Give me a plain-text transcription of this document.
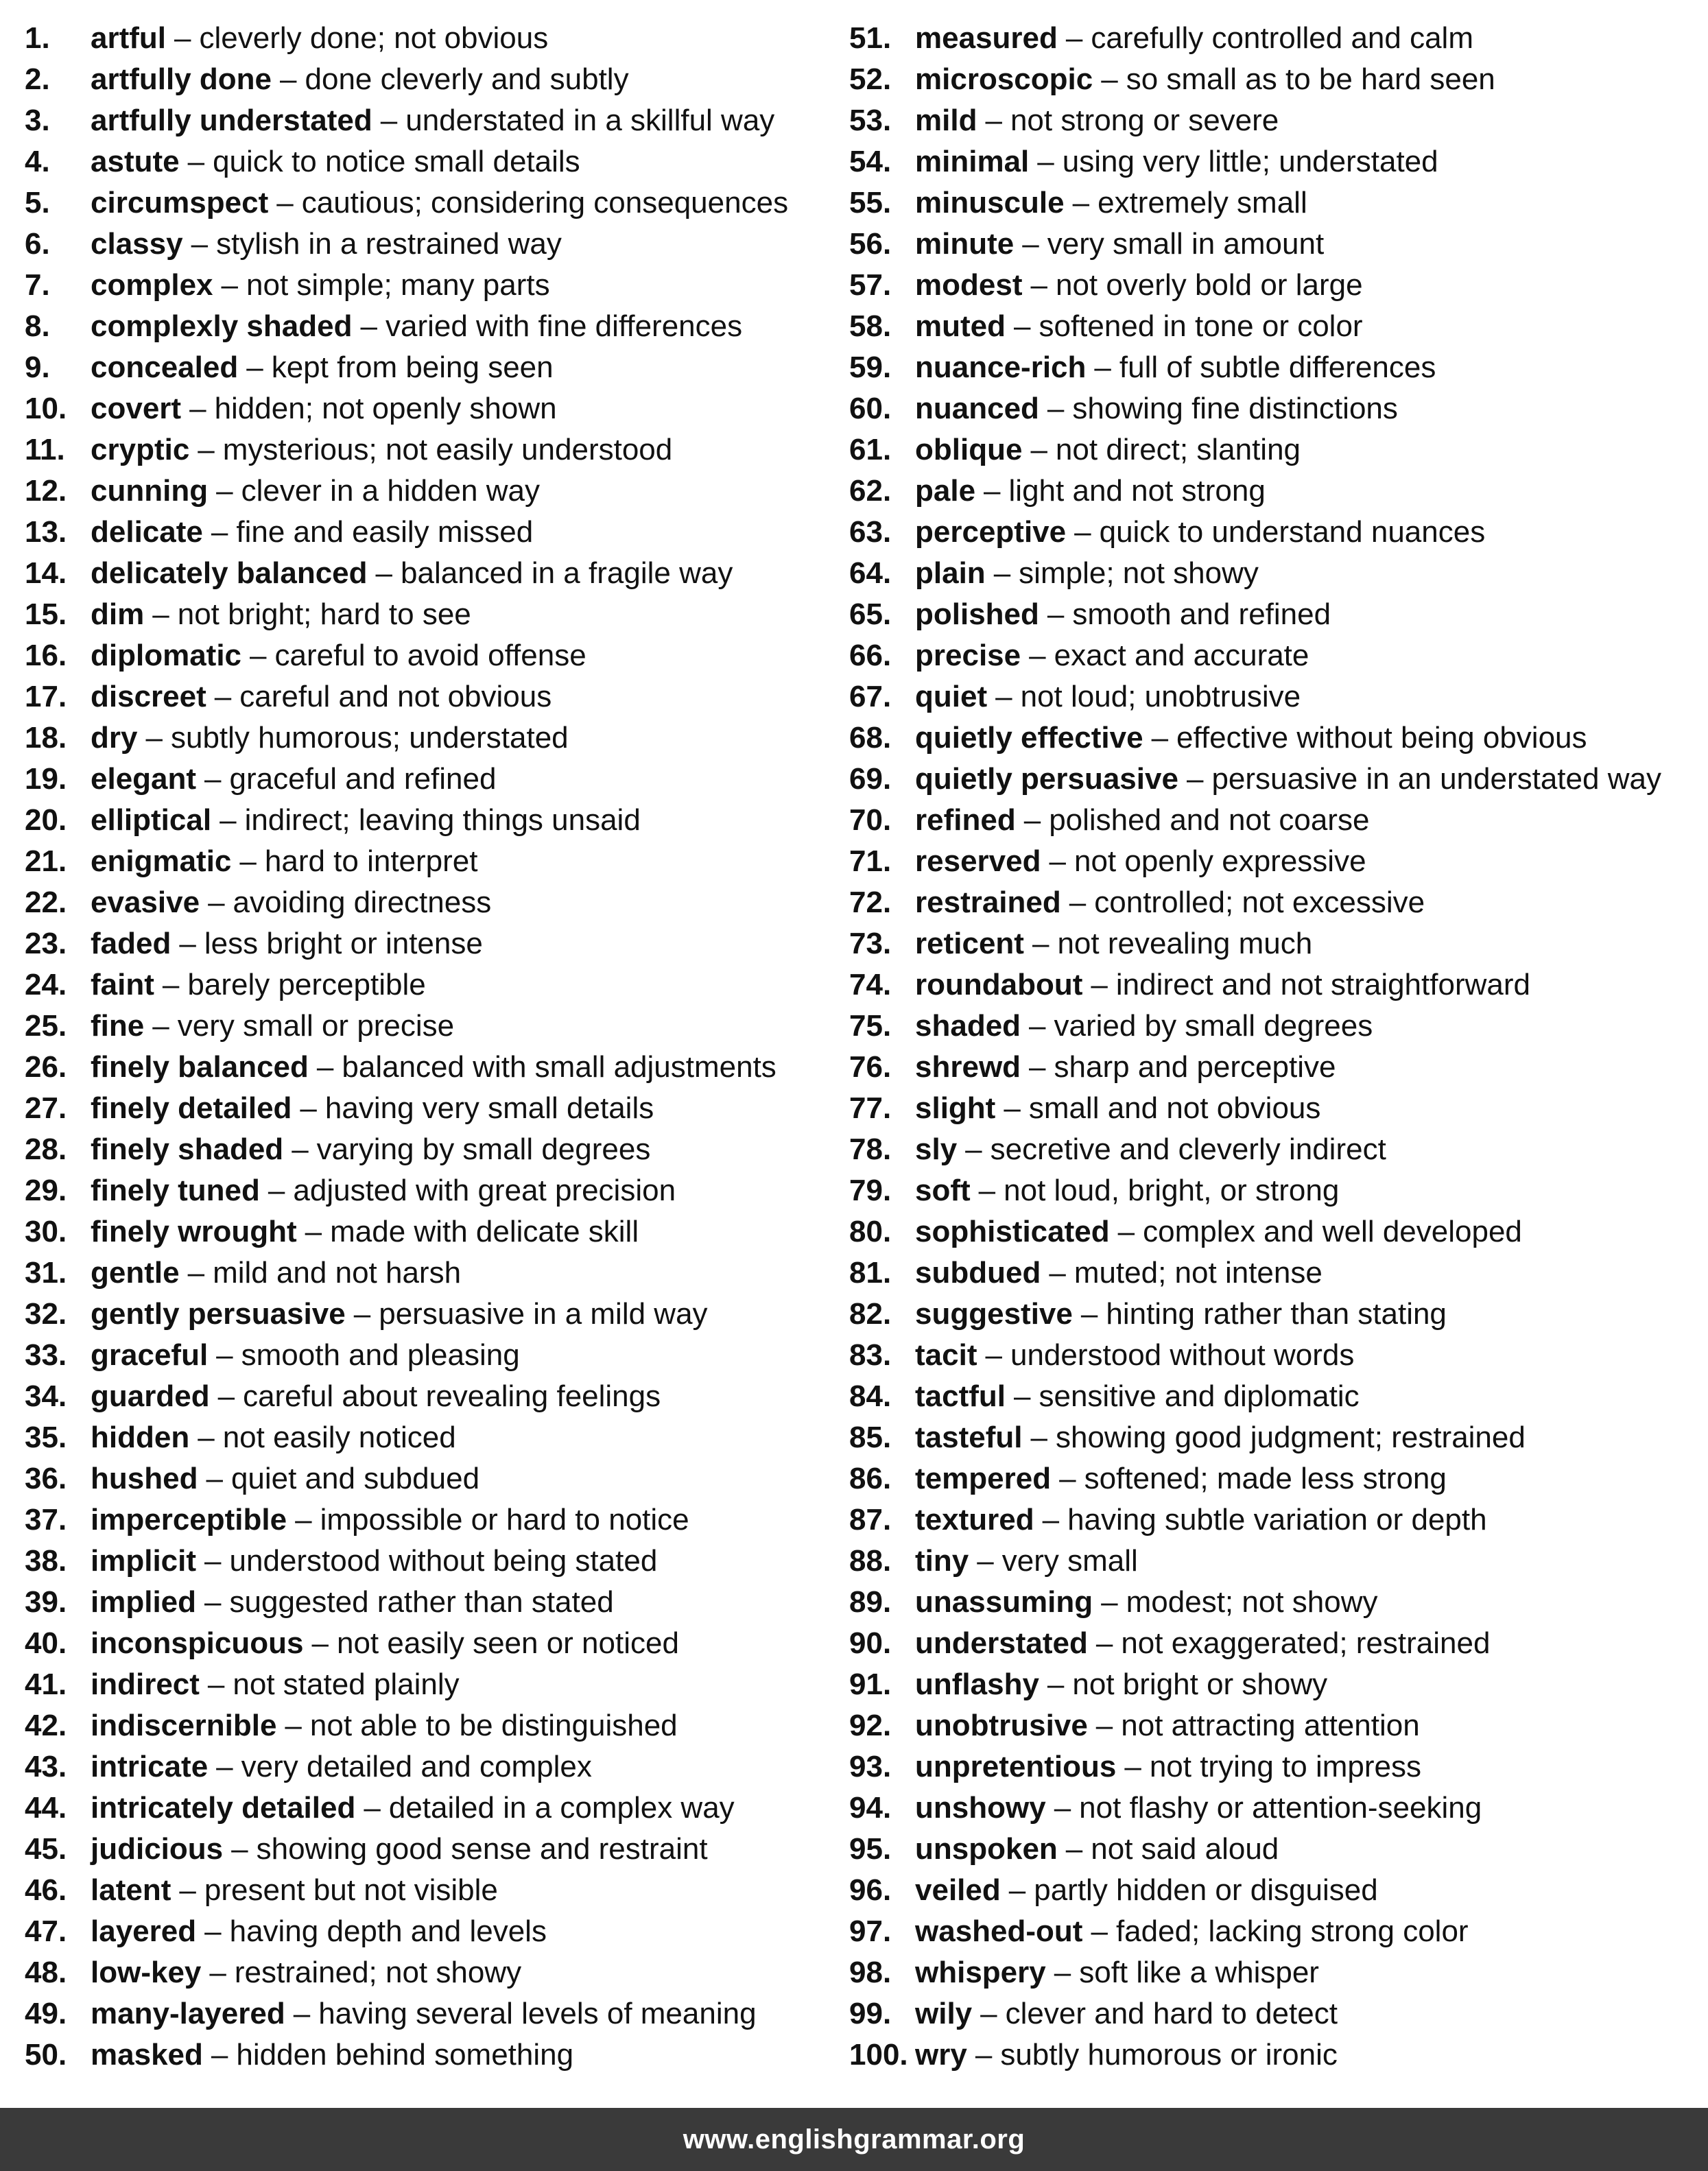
1.	artful – cleverly done; not obvious
2.	artfully done – done cleverly and subtly
3.	artfully understated – understated in a skillful way
4.	astute – quick to notice small details
5.	circumspect – cautious; considering consequences
6.	classy – stylish in a restrained way
7.	complex – not simple; many parts
8.	complexly shaded – varied with fine differences
9.	concealed – kept from being seen
10. covert – hidden; not openly shown
11. cryptic – mysterious; not easily understood
12. cunning – clever in a hidden way
13. delicate – fine and easily missed
14. delicately balanced – balanced in a fragile way
15. dim – not bright; hard to see
16. diplomatic – careful to avoid offense
17. discreet – careful and not obvious
18. dry – subtly humorous; understated
19. elegant – graceful and refined
20. elliptical – indirect; leaving things unsaid
21. enigmatic – hard to interpret
22. evasive – avoiding directness
23. faded – less bright or intense
24. faint – barely perceptible
25. fine – very small or precise
26. finely balanced – balanced with small adjustments
27. finely detailed – having very small details
28. finely shaded – varying by small degrees
29. finely tuned – adjusted with great precision
30. finely wrought – made with delicate skill
31. gentle – mild and not harsh
32. gently persuasive – persuasive in a mild way
33. graceful – smooth and pleasing
34. guarded – careful about revealing feelings
35. hidden – not easily noticed
36. hushed – quiet and subdued
37. imperceptible – impossible or hard to notice
38. implicit – understood without being stated
39. implied – suggested rather than stated
40. inconspicuous – not easily seen or noticed
41. indirect – not stated plainly
42. indiscernible – not able to be distinguished
43. intricate – very detailed and complex
44. intricately detailed – detailed in a complex way
45. judicious – showing good sense and restraint
46. latent – present but not visible
47. layered – having depth and levels
48. low-key – restrained; not showy
49. many-layered – having several levels of meaning
50. masked – hidden behind something
51. measured – carefully controlled and calm
52. microscopic – so small as to be hard seen
53. mild – not strong or severe
54. minimal – using very little; understated
55. minuscule – extremely small
56. minute – very small in amount
57. modest – not overly bold or large
58. muted – softened in tone or color
59. nuance-rich – full of subtle differences
60. nuanced – showing fine distinctions
61. oblique – not direct; slanting
62. pale – light and not strong
63. perceptive – quick to understand nuances
64. plain – simple; not showy
65. polished – smooth and refined
66. precise – exact and accurate
67. quiet – not loud; unobtrusive
68. quietly effective – effective without being obvious
69. quietly persuasive – persuasive in an understated way
70. refined – polished and not coarse
71. reserved – not openly expressive
72. restrained – controlled; not excessive
73. reticent – not revealing much
74. roundabout – indirect and not straightforward
75. shaded – varied by small degrees
76. shrewd – sharp and perceptive
77. slight – small and not obvious
78. sly – secretive and cleverly indirect
79. soft – not loud, bright, or strong
80. sophisticated – complex and well developed
81. subdued – muted; not intense
82. suggestive – hinting rather than stating
83. tacit – understood without words
84. tactful – sensitive and diplomatic
85. tasteful – showing good judgment; restrained
86. tempered – softened; made less strong
87. textured – having subtle variation or depth
88. tiny – very small
89. unassuming – modest; not showy
90. understated – not exaggerated; restrained
91. unflashy – not bright or showy
92. unobtrusive – not attracting attention
93. unpretentious – not trying to impress
94. unshowy – not flashy or attention-seeking
95. unspoken – not said aloud
96. veiled – partly hidden or disguised
97. washed-out – faded; lacking strong color
98. whispery – soft like a whisper
99. wily – clever and hard to detect
100. wry – subtly humorous or ironic
www.englishgrammar.org
